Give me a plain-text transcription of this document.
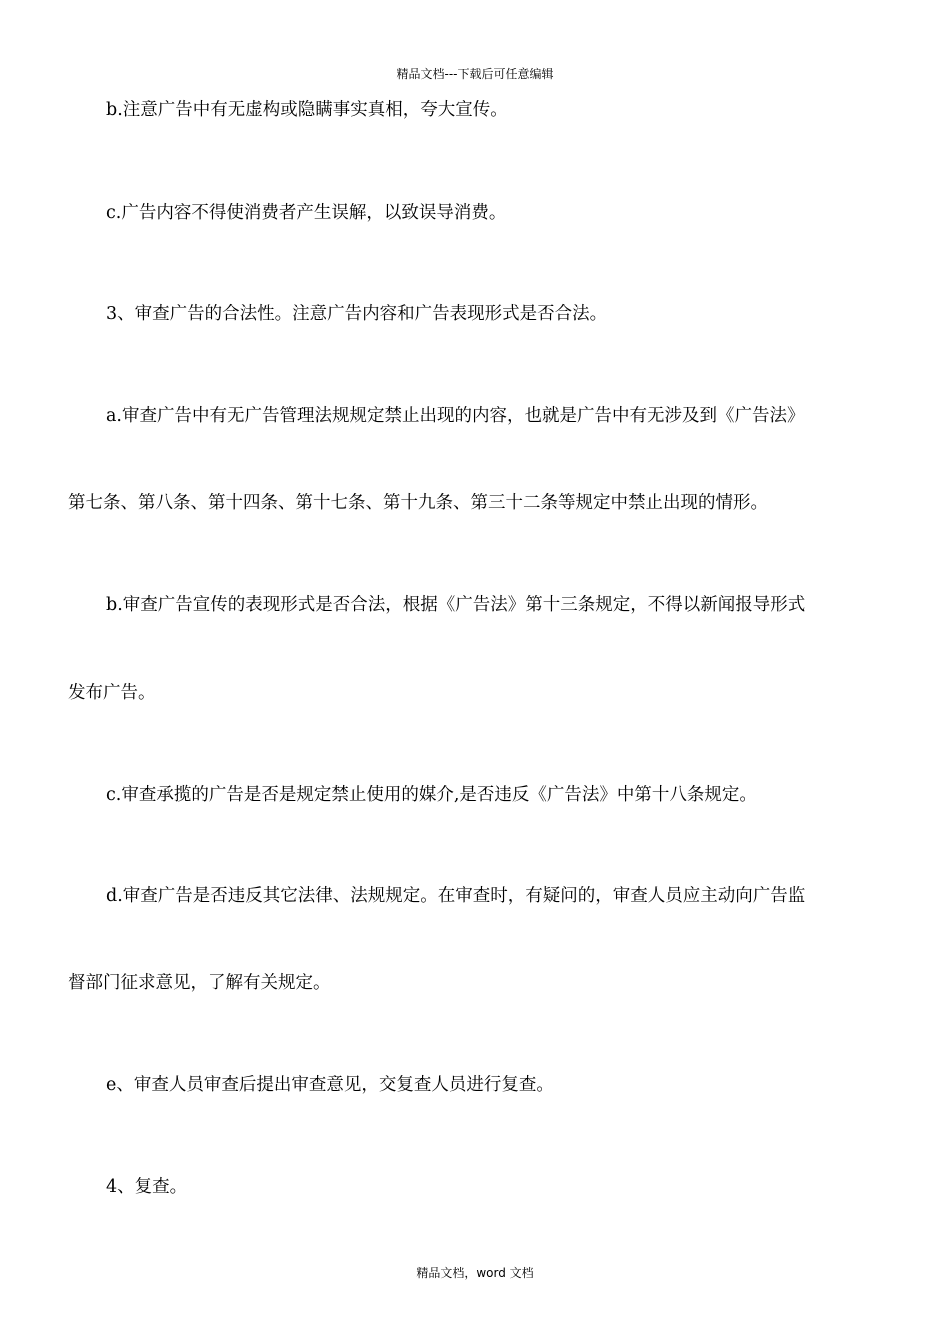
精品文档---下载后可任意编辑
b.注意广告中有无虚构或隐瞒事实真相，夸大宣传。
c.广告内容不得使消费者产生误解，以致误导消费。
3、审查广告的合法性。注意广告内容和广告表现形式是否合法。
a.审查广告中有无广告管理法规规定禁止出现的内容，也就是广告中有无涉及到《广告法》
第七条、第八条、第十四条、第十七条、第十九条、第三十二条等规定中禁止出现的情形。
b.审查广告宣传的表现形式是否合法，根据《广告法》第十三条规定，不得以新闻报导形式
发布广告。
c.审查承揽的广告是否是规定禁止使用的媒介,是否违反《广告法》中第十八条规定。
d.审查广告是否违反其它法律、法规规定。在审查时，有疑问的，审查人员应主动向广告监
督部门征求意见，了解有关规定。
e、审查人员审查后提出审查意见，交复查人员进行复查。
4、复查。
精品文档，word 文档
